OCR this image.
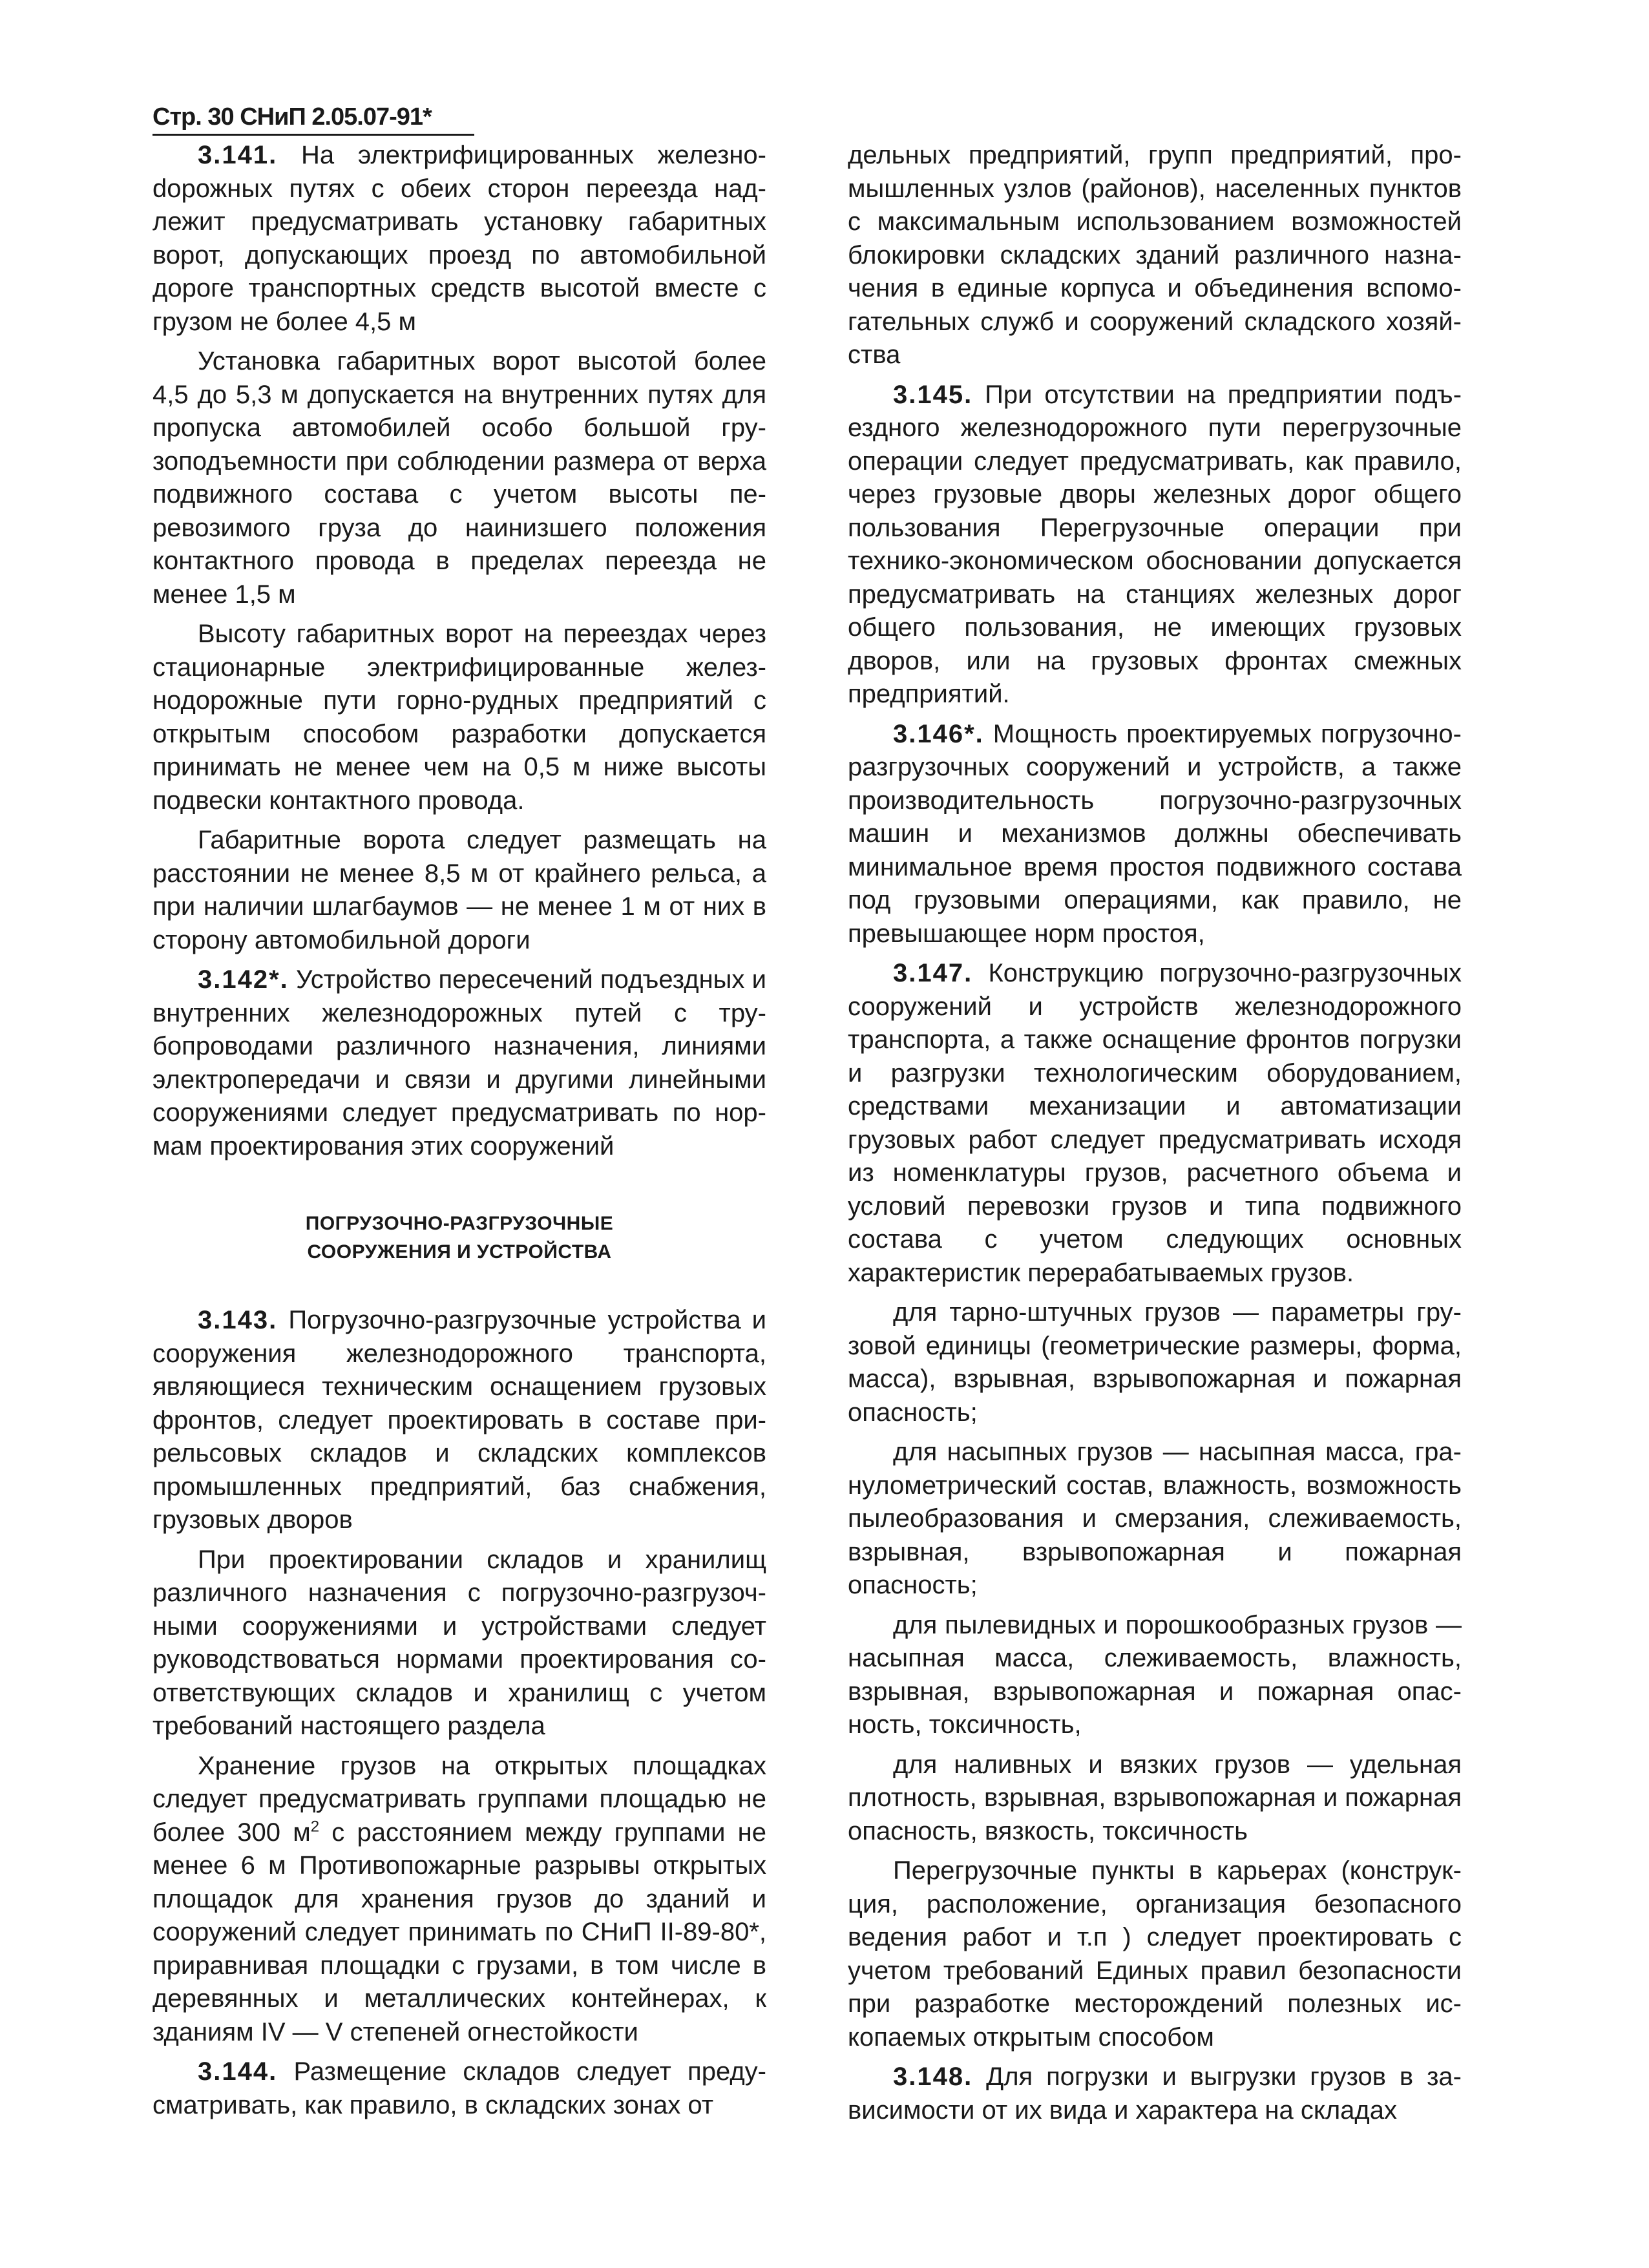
Стр. 30 СНиП 2.05.07-91*

3.141. На электрифицированных железноdорожных путях с обеих сторон переезда надлежит предусматривать установку габаритных ворот, допускающих проезд по автомобильной дороге транспортных средств высотой вместе с грузом не более 4,5 м

Установка габаритных ворот высотой более 4,5 до 5,3 м допускается на внутренних путях для пропуска автомобилей особо большой грузоподъемности при соблюдении размера от верха подвижного состава с учетом высоты перевозимого груза до наинизшего положения контактного провода в пределах переезда не менее 1,5 м

Высоту габаритных ворот на переездах через стационарные электрифицированные железнодорожные пути горно-рудных предприятий с открытым способом разработки допускается принимать не менее чем на 0,5 м ниже высоты подвески контактного провода.

Габаритные ворота следует размещать на расстоянии не менее 8,5 м от крайнего рельса, а при наличии шлагбаумов — не менее 1 м от них в сторону автомобильной дороги

3.142*. Устройство пересечений подъездных и внутренних железнодорожных путей с трубопроводами различного назначения, линиями электропередачи и связи и другими линейными сооружениями следует предусматривать по нормам проектирования этих сооружений

ПОГРУЗОЧНО-РАЗГРУЗОЧНЫЕ
СООРУЖЕНИЯ И УСТРОЙСТВА

3.143. Погрузочно-разгрузочные устройства и сооружения железнодорожного транспорта, являющиеся техническим оснащением грузовых фронтов, следует проектировать в составе прирельсовых складов и складских комплексов промышленных предприятий, баз снабжения, грузовых дворов

При проектировании складов и хранилищ различного назначения с погрузочно-разгрузочными сооружениями и устройствами следует руководствоваться нормами проектирования соответствующих складов и хранилищ с учетом требований настоящего раздела

Хранение грузов на открытых площадках следует предусматривать группами площадью не более 300 $м^2$ с расстоянием между группами не менее 6 м Противопожарные разрывы открытых площадок для хранения грузов до зданий и сооружений следует принимать по СНиП II-89-80*, приравнивая площадки с грузами, в том числе в деревянных и металлических контейнерах, к зданиям IV — V степеней огнестойкости

3.144. Размещение складов следует предусматривать, как правило, в складских зонах от

дельных предприятий, групп предприятий, промышленных узлов (районов), населенных пунктов с максимальным использованием возможностей блокировки складских зданий различного назначения в единые корпуса и объединения вспомогательных служб и сооружений складского хозяйства

3.145. При отсутствии на предприятии подъездного железнодорожного пути перегрузочные операции следует предусматривать, как правило, через грузовые дворы железных дорог общего пользования Перегрузочные операции при технико-экономическом обосновании допускается предусматривать на станциях железных дорог общего пользования, не имеющих грузовых дворов, или на грузовых фронтах смежных предприятий.

3.146*. Мощность проектируемых погрузочно-разгрузочных сооружений и устройств, а также производительность погрузочно-разгрузочных машин и механизмов должны обеспечивать минимальное время простоя подвижного состава под грузовыми операциями, как правило, не превышающее норм простоя,

3.147. Конструкцию погрузочно-разгрузочных сооружений и устройств железнодорожного транспорта, а также оснащение фронтов погрузки и разгрузки технологическим оборудованием, средствами механизации и автоматизации грузовых работ следует предусматривать исходя из номенклатуры грузов, расчетного объема и условий перевозки грузов и типа подвижного состава с учетом следующих основных характеристик перерабатываемых грузов.

для тарно-штучных грузов — параметры грузовой единицы (геометрические размеры, форма, масса), взрывная, взрывопожарная и пожарная опасность;

для насыпных грузов — насыпная масса, гранулометрический состав, влажность, возможность пылеобразования и смерзания, слеживаемость, взрывная, взрывопожарная и пожарная опасность;

для пылевидных и порошкообразных грузов — насыпная масса, слеживаемость, влажность, взрывная, взрывопожарная и пожарная опасность, токсичность,

для наливных и вязких грузов — удельная плотность, взрывная, взрывопожарная и пожарная опасность, вязкость, токсичность

Перегрузочные пункты в карьерах (конструкция, расположение, организация безопасного ведения работ и т.п ) следует проектировать с учетом требований Единых правил безопасности при разработке месторождений полезных ископаемых открытым способом

3.148. Для погрузки и выгрузки грузов в зависимости от их вида и характера на складах
